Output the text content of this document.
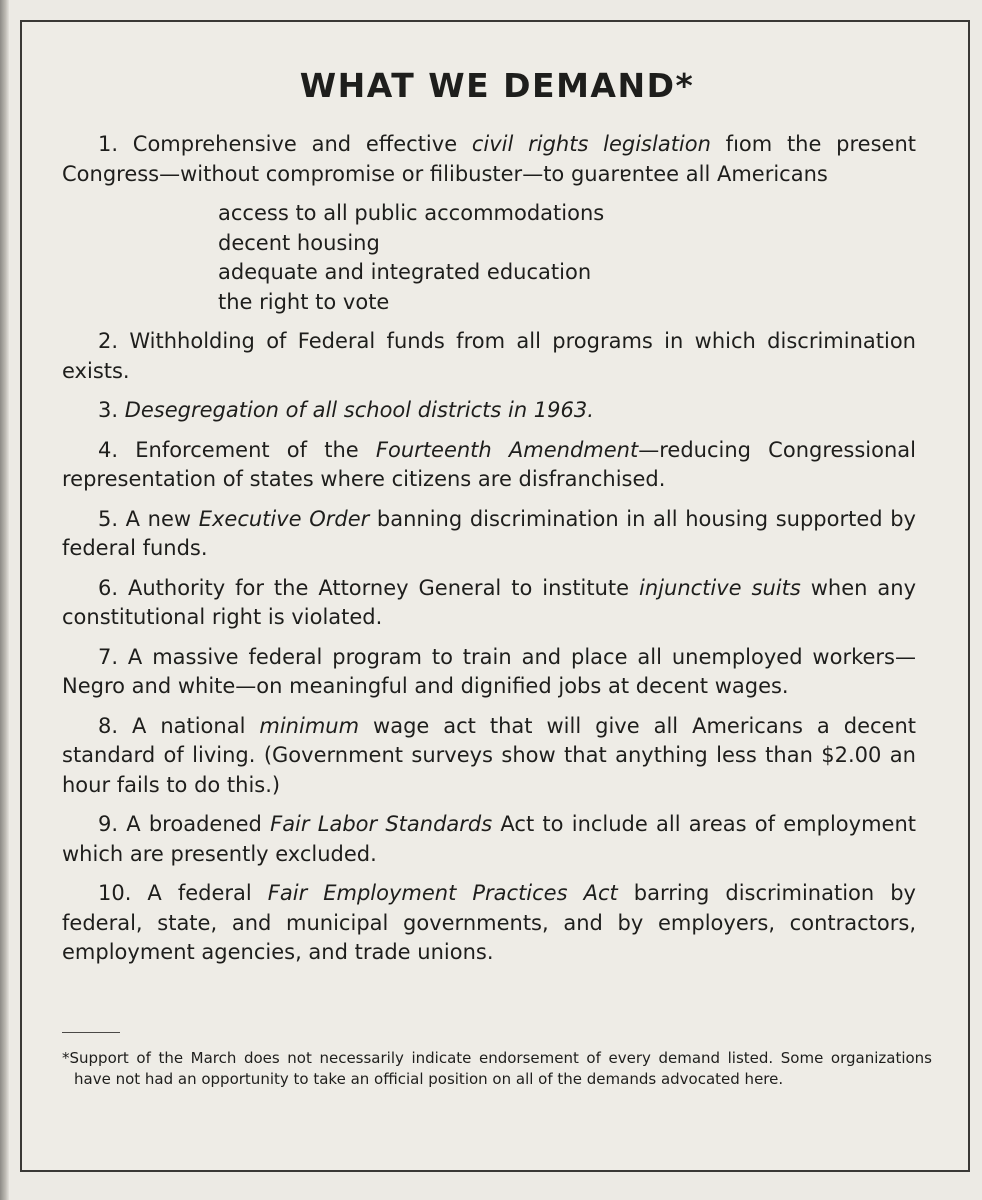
WHAT WE DEMAND*

1. Comprehensive and effective civil rights legislation fıom the present Congress—without compromise or filibuster—to guarɐntee all Americans

access to all public accommodations
decent housing
adequate and integrated education
the right to vote

2. Withholding of Federal funds from all programs in which discrimination exists.

3. Desegregation of all school districts in 1963.

4. Enforcement of the Fourteenth Amendment—reducing Congressional representation of states where citizens are disfranchised.

5. A new Executive Order banning discrimination in all housing supported by federal funds.

6. Authority for the Attorney General to institute injunctive suits when any constitutional right is violated.

7. A massive federal program to train and place all unemployed workers—Negro and white—on meaningful and dignified jobs at decent wages.

8. A national minimum wage act that will give all Americans a decent standard of living. (Government surveys show that anything less than $2.00 an hour fails to do this.)

9. A broadened Fair Labor Standards Act to include all areas of employment which are presently excluded.

10. A federal Fair Employment Practices Act barring discrimination by federal, state, and municipal governments, and by employers, contractors, employment agencies, and trade unions.

*Support of the March does not necessarily indicate endorsement of every demand listed. Some organizations have not had an opportunity to take an official position on all of the demands advocated here.
